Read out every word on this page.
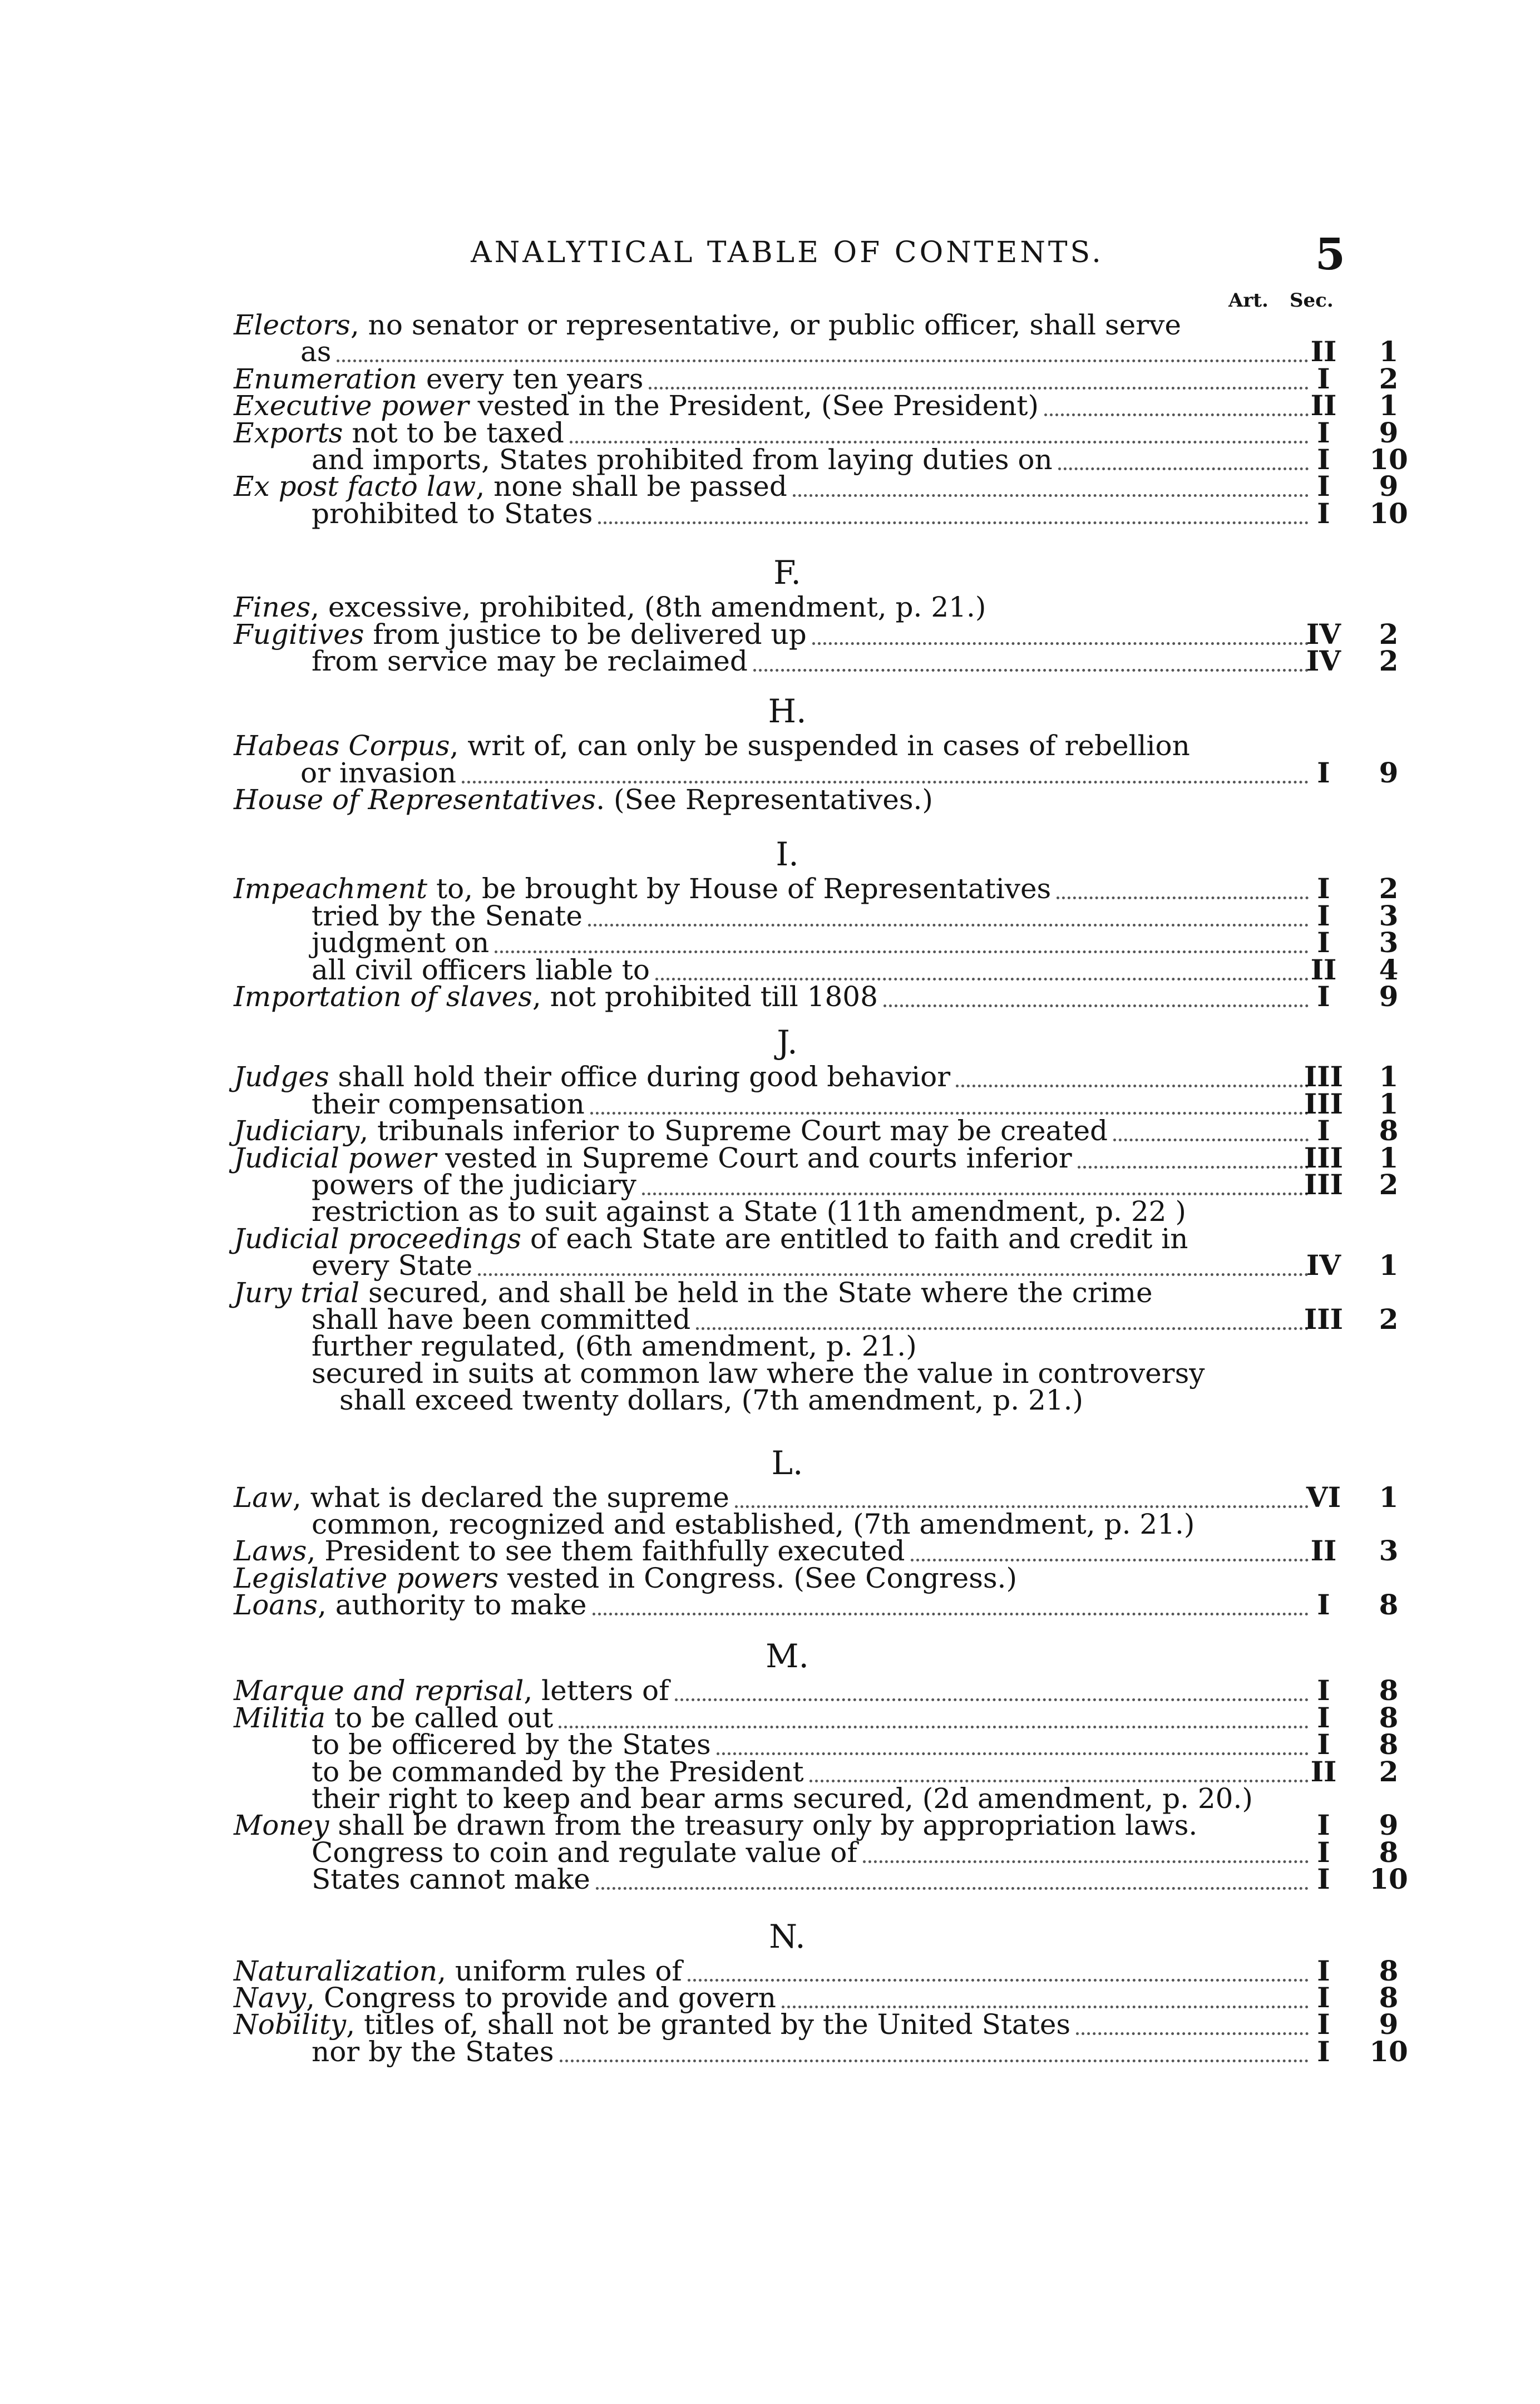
ANALYTICAL TABLE OF CONTENTS.	5
Art. Sec.
Electors, no senator or representative, or public officer, shall serve
as	II	1
Enumeration every ten years	I	2
Executive power vested in the President, (See President)	II	1
Exports not to be taxed	I	9
and imports, States prohibited from laying duties on	I	10
Ex post facto law, none shall be passed	I	9
prohibited to States	I	10
F.
Fines, excessive, prohibited, (8th amendment, p. 21.)
Fugitives from justice to be delivered up	IV	2
from service may be reclaimed	IV	2
H.
Habeas Corpus, writ of, can only be suspended in cases of rebellion
or invasion	I	9
House of Representatives. (See Representatives.)
I.
Impeachment to, be brought by House of Representatives	I	2
tried by the Senate	I	3
judgment on	I	3
all civil officers liable to	II	4
Importation of slaves, not prohibited till 1808	I	9
J.
Judges shall hold their office during good behavior	III	1
their compensation	III	1
Judiciary, tribunals inferior to Supreme Court may be created	I	8
Judicial power vested in Supreme Court and courts inferior	III	1
powers of the judiciary	III	2
restriction as to suit against a State (11th amendment, p. 22 )
Judicial proceedings of each State are entitled to faith and credit in
every State	IV	1
Jury trial secured, and shall be held in the State where the crime
shall have been committed	III	2
further regulated, (6th amendment, p. 21.)
secured in suits at common law where the value in controversy
shall exceed twenty dollars, (7th amendment, p. 21.)
L.
Law, what is declared the supreme	VI	1
common, recognized and established, (7th amendment, p. 21.)
Laws, President to see them faithfully executed	II	3
Legislative powers vested in Congress. (See Congress.)
Loans, authority to make	I	8
M.
Marque and reprisal, letters of	I	8
Militia to be called out	I	8
to be officered by the States	I	8
to be commanded by the President	II	2
their right to keep and bear arms secured, (2d amendment, p. 20.)
Money shall be drawn from the treasury only by appropriation laws.	I	9
Congress to coin and regulate value of	I	8
States cannot make	I	10
N.
Naturalization, uniform rules of	I	8
Navy, Congress to provide and govern	I	8
Nobility, titles of, shall not be granted by the United States	I	9
nor by the States	I	10
